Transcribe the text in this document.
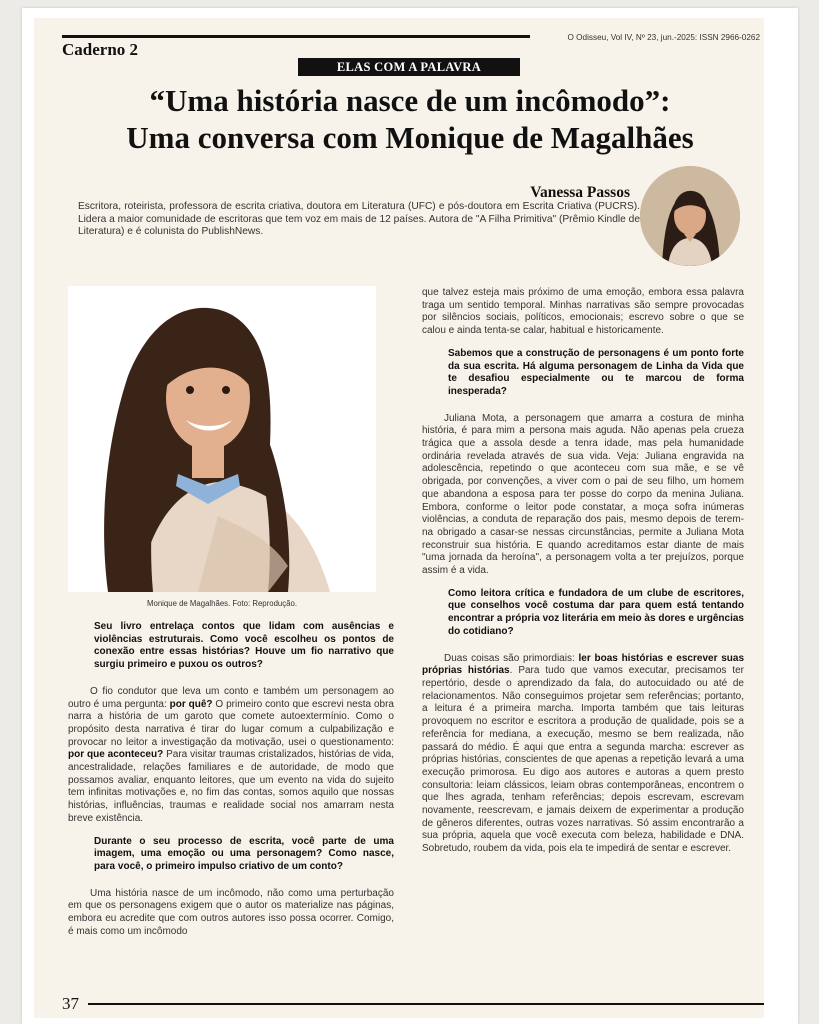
Caderno 2
O Odisseu, Vol IV, Nº 23, jun.-2025: ISSN 2966-0262
ELAS COM A PALAVRA
“Uma história nasce de um incômodo”:
Uma conversa com Monique de Magalhães
Vanessa Passos
Escritora, roteirista, professora de escrita criativa, doutora em Literatura (UFC) e pós-doutora em Escrita Criativa (PUCRS). Lidera a maior comunidade de escritoras que tem voz em mais de 12 países. Autora de "A Filha Primitiva" (Prêmio Kindle de Literatura) e é colunista do PublishNews.
Monique de Magalhães. Foto: Reprodução.

Seu livro entrelaça contos que lidam com ausências e violências estruturais. Como você escolheu os pontos de conexão entre essas histórias? Houve um fio narrativo que surgiu primeiro e puxou os outros?

O fio condutor que leva um conto e também um personagem ao outro é uma pergunta: por quê? O primeiro conto que escrevi nesta obra narra a história de um garoto que comete autoextermínio. Como o propósito desta narrativa é tirar do lugar comum a culpabilização e provocar no leitor a investigação da motivação, usei o questionamento: por que aconteceu? Para visitar traumas cristalizados, histórias de vida, ancestralidade, relações familiares e de autoridade, de modo que possamos avaliar, enquanto leitores, que um evento na vida do sujeito tem infinitas motivações e, no fim das contas, somos aquilo que nossas histórias, influências, traumas e realidade social nos amarram nesta breve existência.

Durante o seu processo de escrita, você parte de uma imagem, uma emoção ou uma personagem? Como nasce, para você, o primeiro impulso criativo de um conto?

Uma história nasce de um incômodo, não como uma perturbação em que os personagens exigem que o autor os materialize nas páginas, embora eu acredite que com outros autores isso possa ocorrer. Comigo, é mais como um incômodo

que talvez esteja mais próximo de uma emoção, embora essa palavra traga um sentido temporal. Minhas narrativas são sempre provocadas por silêncios sociais, políticos, emocionais; escrevo sobre o que se calou e ainda tenta-se calar, habitual e historicamente.

Sabemos que a construção de personagens é um ponto forte da sua escrita. Há alguma personagem de Linha da Vida que te desafiou especialmente ou te marcou de forma inesperada?

Juliana Mota, a personagem que amarra a costura de minha história, é para mim a persona mais aguda. Não apenas pela crueza trágica que a assola desde a tenra idade, mas pela humanidade ordinária revelada através de sua vida. Veja: Juliana engravida na adolescência, repetindo o que aconteceu com sua mãe, e se vê obrigada, por convenções, a viver com o pai de seu filho, um homem que abandona a esposa para ter posse do corpo da menina Juliana. Embora, conforme o leitor pode constatar, a moça sofra inúmeras violências, a conduta de reparação dos pais, mesmo depois de terem-na obrigado a casar-se nessas circunstâncias, permite a Juliana Mota reconstruir sua história. E quando acreditamos estar diante de mais "uma jornada da heroína", a personagem volta a ter prejuízos, porque assim é a vida.

Como leitora crítica e fundadora de um clube de escritores, que conselhos você costuma dar para quem está tentando encontrar a própria voz literária em meio às dores e urgências do cotidiano?

Duas coisas são primordiais: ler boas histórias e escrever suas próprias histórias. Para tudo que vamos executar, precisamos ter repertório, desde o aprendizado da fala, do autocuidado ou até de relacionamentos. Não conseguimos projetar sem referências; portanto, a leitura é a primeira marcha. Importa também que tais leituras provoquem no escritor e escritora a produção de qualidade, pois se a referência for mediana, a execução, mesmo se bem realizada, não passará do médio. É aqui que entra a segunda marcha: escrever as próprias histórias, conscientes de que apenas a repetição levará a uma execução primorosa. Eu digo aos autores e autoras a quem presto consultoria: leiam clássicos, leiam obras contemporâneas, encontrem o que lhes agrada, tenham referências; depois escrevam, escrevam novamente, reescrevam, e jamais deixem de experimentar a produção de gêneros diferentes, outras vozes narrativas. Só assim encontrarão a sua própria, aquela que você executa com beleza, habilidade e DNA. Sobretudo, roubem da vida, pois ela te impedirá de sentar e escrever.

37
